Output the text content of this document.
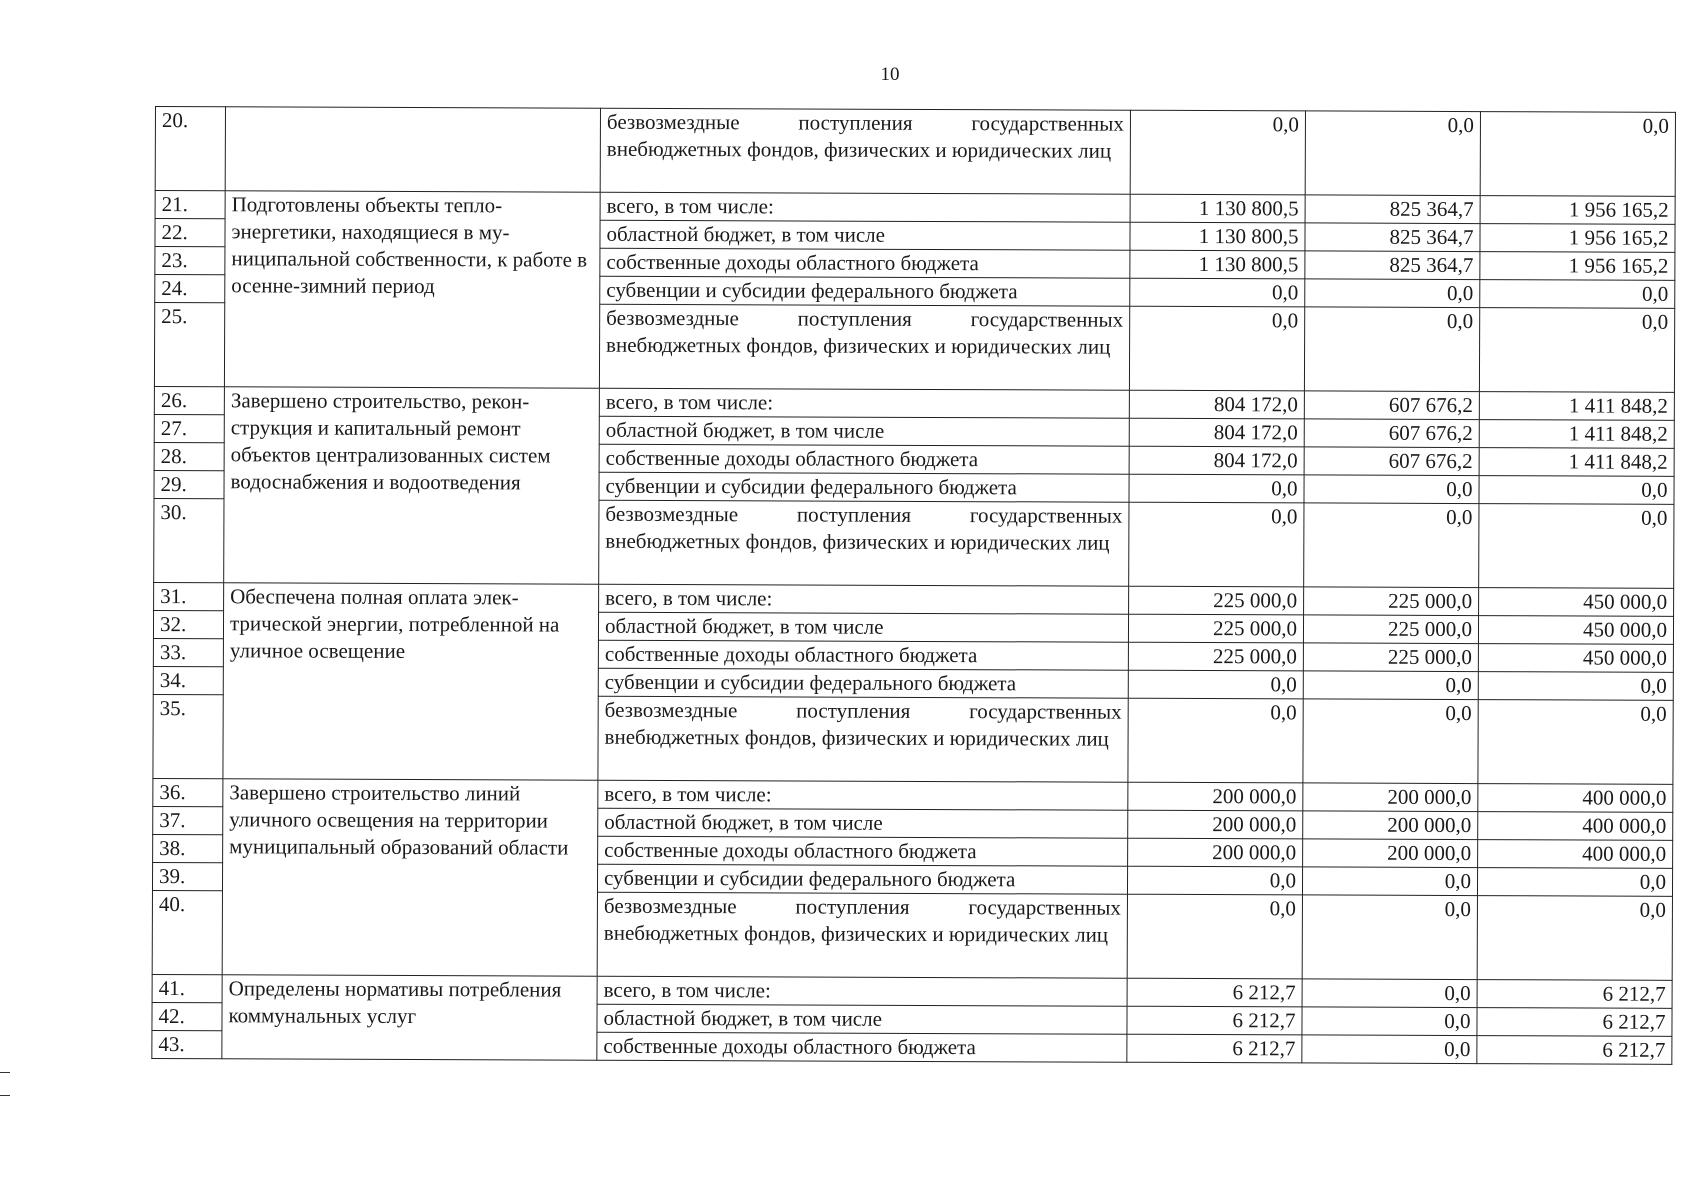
10
20.		безвозмездные поступления государственных внебюджетных фондов, физических и юридических лиц	0,0	0,0	0,0
21.	Подготовлены объекты теплоэнергетики, находящиеся в муниципальной собственности, к работе в осенне-зимний период	всего, в том числе:	1 130 800,5	825 364,7	1 956 165,2
22.		областной бюджет, в том числе	1 130 800,5	825 364,7	1 956 165,2
23.		собственные доходы областного бюджета	1 130 800,5	825 364,7	1 956 165,2
24.		субвенции и субсидии федерального бюджета	0,0	0,0	0,0
25.		безвозмездные поступления государственных внебюджетных фондов, физических и юридических лиц	0,0	0,0	0,0
26.	Завершено строительство, реконструкция и капитальный ремонт объектов централизованных систем водоснабжения и водоотведения	всего, в том числе:	804 172,0	607 676,2	1 411 848,2
27.		областной бюджет, в том числе	804 172,0	607 676,2	1 411 848,2
28.		собственные доходы областного бюджета	804 172,0	607 676,2	1 411 848,2
29.		субвенции и субсидии федерального бюджета	0,0	0,0	0,0
30.		безвозмездные поступления государственных внебюджетных фондов, физических и юридических лиц	0,0	0,0	0,0
31.	Обеспечена полная оплата электрической энергии, потребленной на уличное освещение	всего, в том числе:	225 000,0	225 000,0	450 000,0
32.		областной бюджет, в том числе	225 000,0	225 000,0	450 000,0
33.		собственные доходы областного бюджета	225 000,0	225 000,0	450 000,0
34.		субвенции и субсидии федерального бюджета	0,0	0,0	0,0
35.		безвозмездные поступления государственных внебюджетных фондов, физических и юридических лиц	0,0	0,0	0,0
36.	Завершено строительство линий уличного освещения на территории муниципальный образований области	всего, в том числе:	200 000,0	200 000,0	400 000,0
37.		областной бюджет, в том числе	200 000,0	200 000,0	400 000,0
38.		собственные доходы областного бюджета	200 000,0	200 000,0	400 000,0
39.		субвенции и субсидии федерального бюджета	0,0	0,0	0,0
40.		безвозмездные поступления государственных внебюджетных фондов, физических и юридических лиц	0,0	0,0	0,0
41.	Определены нормативы потребления коммунальных услуг	всего, в том числе:	6 212,7	0,0	6 212,7
42.		областной бюджет, в том числе	6 212,7	0,0	6 212,7
43.		собственные доходы областного бюджета	6 212,7	0,0	6 212,7
